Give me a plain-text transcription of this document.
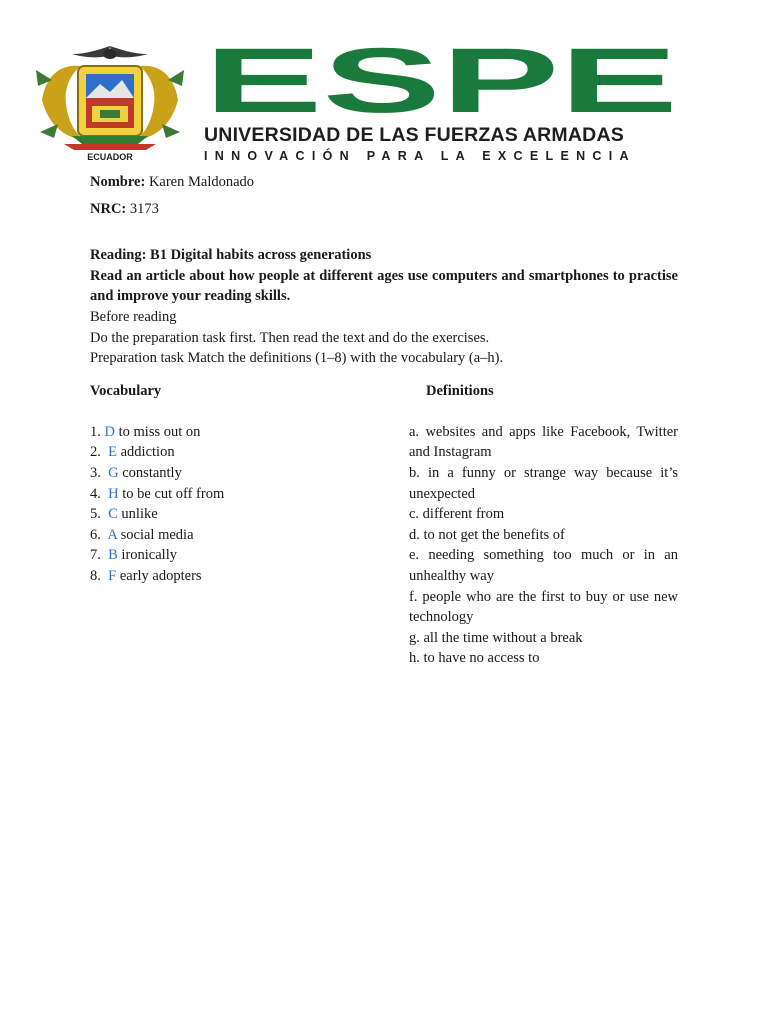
ECUADOR
ESPE
UNIVERSIDAD DE LAS FUERZAS ARMADAS
INNOVACIÓN PARA LA EXCELENCIA
Nombre: Karen Maldonado
NRC: 3173
Reading: B1 Digital habits across generations
Read an article about how people at different ages use computers and smartphones to practise and improve your reading skills.
Before reading
Do the preparation task first. Then read the text and do the exercises.
Preparation task Match the definitions (1–8) with the vocabulary (a–h).
Vocabulary	Definitions
1. D to miss out on
2.  E addiction
3.  G constantly
4.  H to be cut off from
5.  C unlike
6.  A social media
7.  B ironically
8.  F early adopters
a. websites and apps like Facebook, Twitter and Instagram
b. in a funny or strange way because it’s unexpected
c. different from
d. to not get the benefits of
e. needing something too much or in an unhealthy way
f. people who are the first to buy or use new technology
g. all the time without a break
h. to have no access to
